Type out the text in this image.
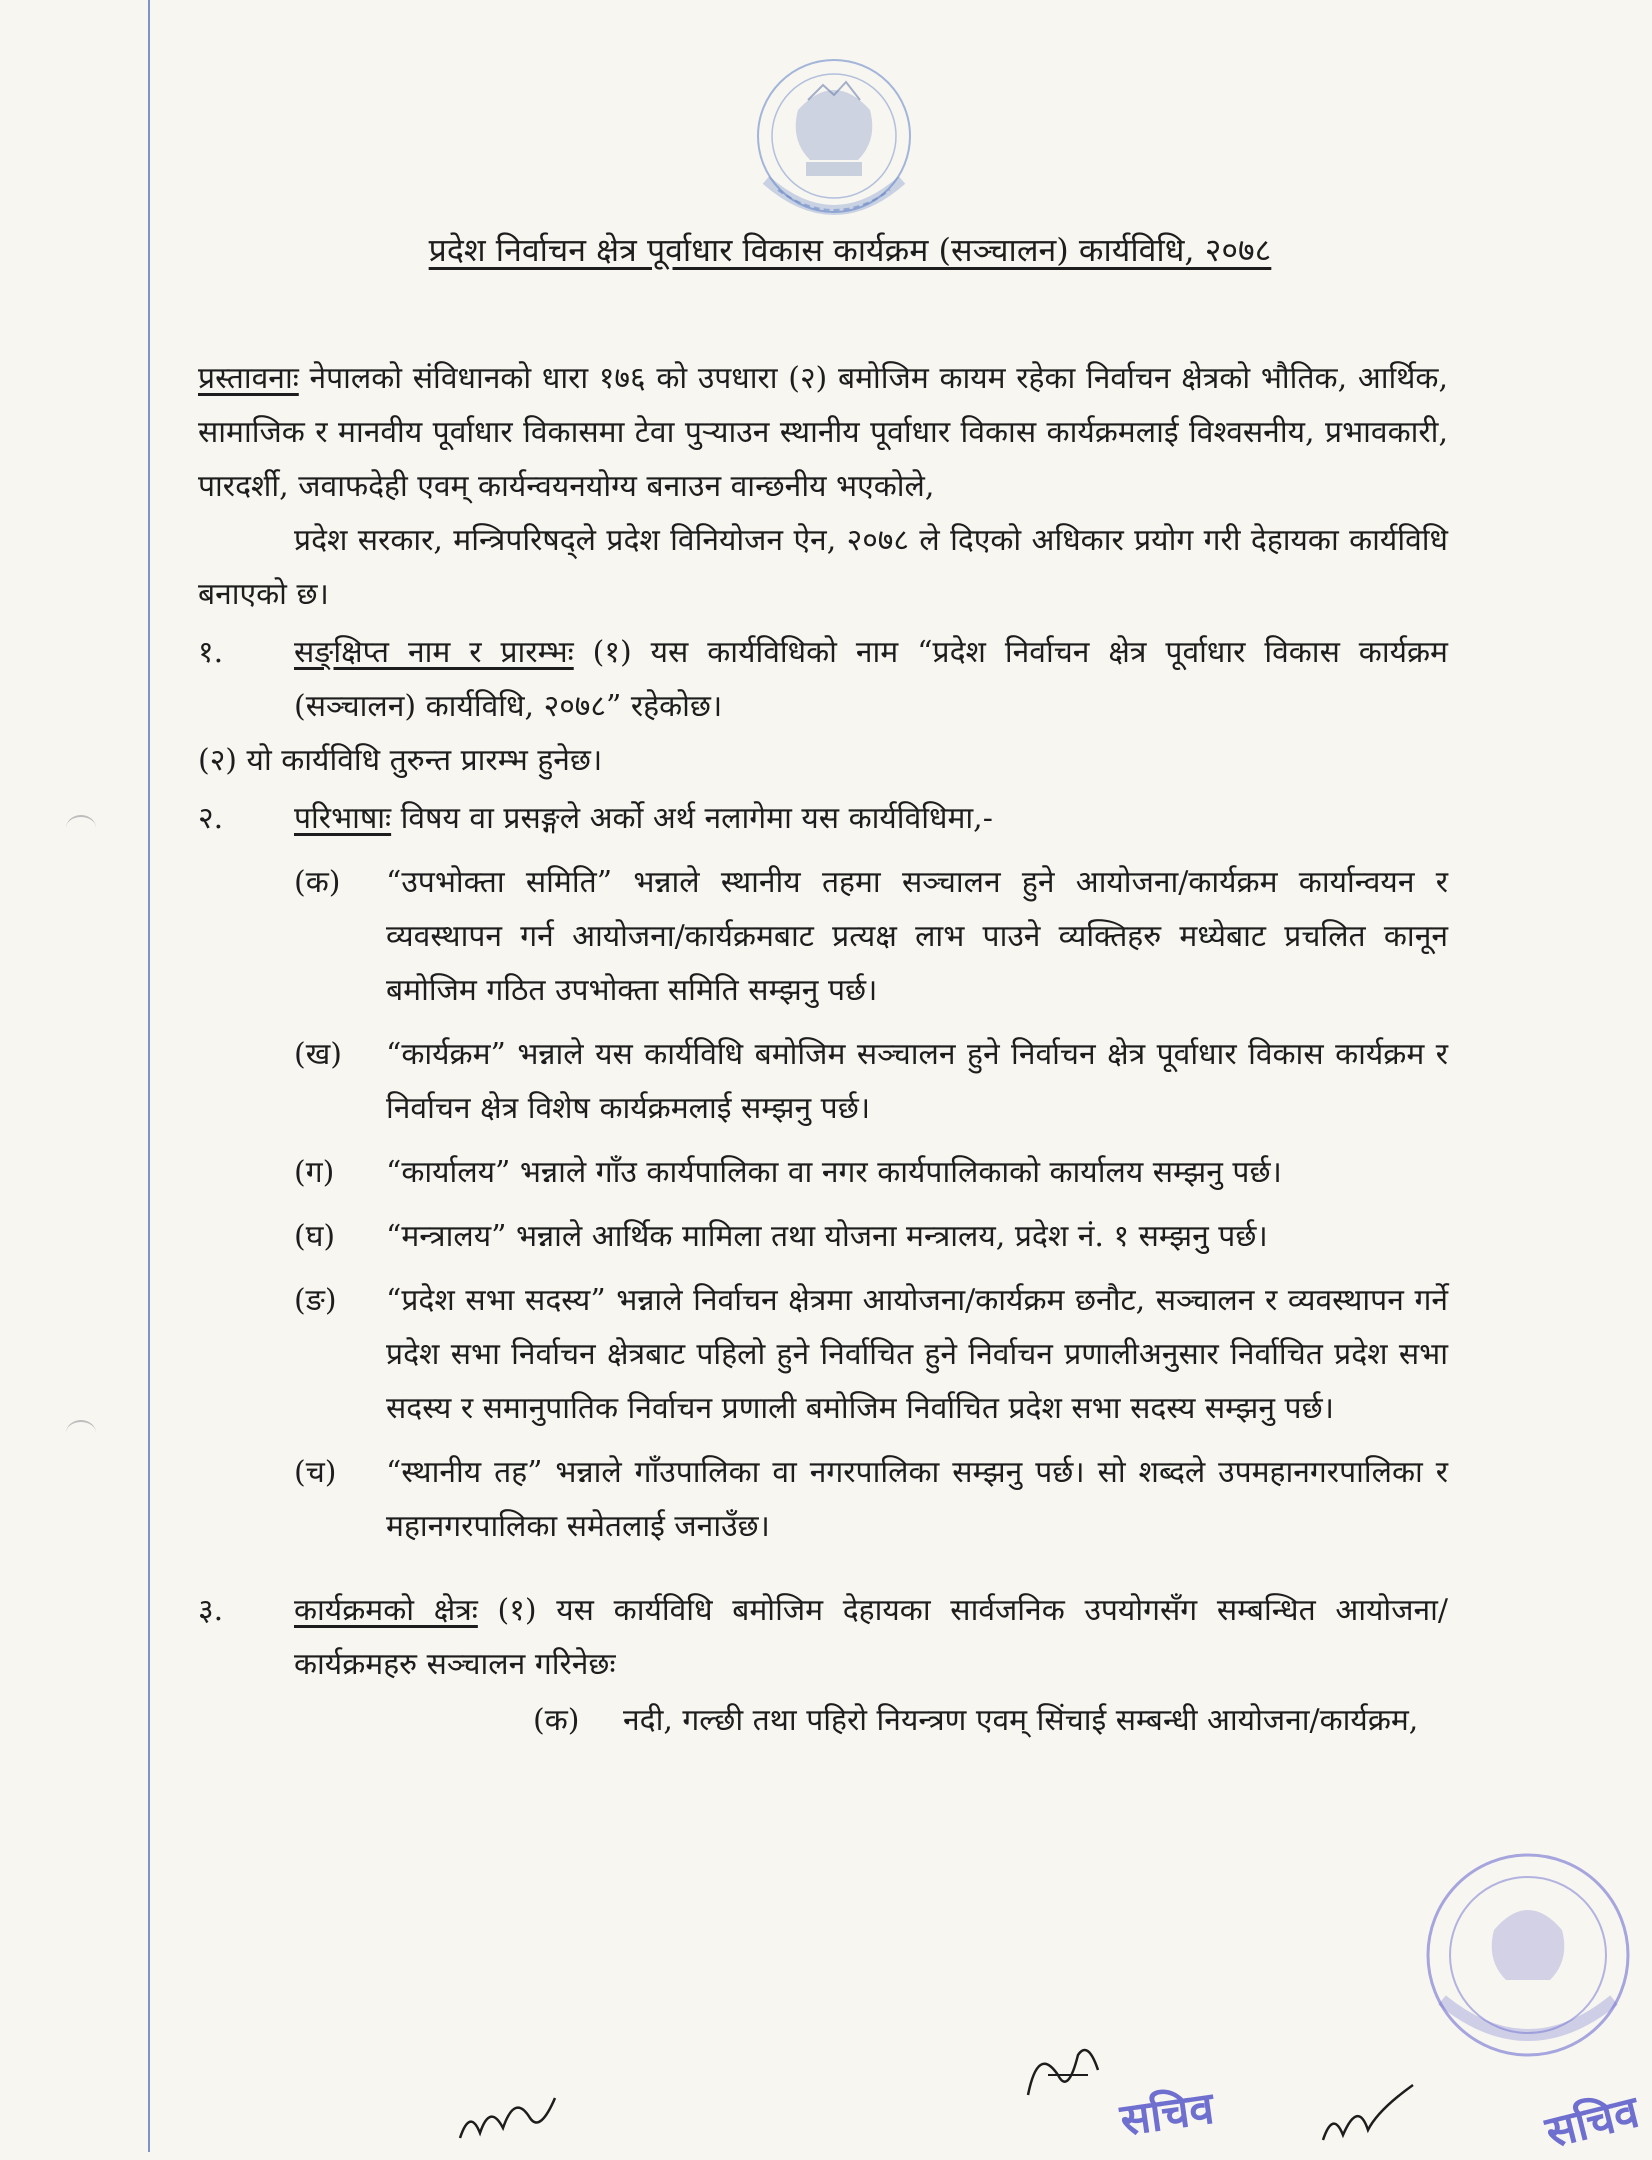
प्रदेश निर्वाचन क्षेत्र पूर्वाधार विकास कार्यक्रम (सञ्चालन) कार्यविधि, २०७८

प्रस्तावनाः नेपालको संविधानको धारा १७६ को उपधारा (२) बमोजिम कायम रहेका निर्वाचन क्षेत्रको भौतिक, आर्थिक, सामाजिक र मानवीय पूर्वाधार विकासमा टेवा पुऱ्याउन स्थानीय पूर्वाधार विकास कार्यक्रमलाई विश्वसनीय, प्रभावकारी, पारदर्शी, जवाफदेही एवम् कार्यन्वयनयोग्य बनाउन वान्छनीय भएकोले,

प्रदेश सरकार, मन्त्रिपरिषद्ले प्रदेश विनियोजन ऐन, २०७८ ले दिएको अधिकार प्रयोग गरी देहायका कार्यविधि बनाएको छ।

१.	सङ्क्षिप्त नाम र प्रारम्भः (१) यस कार्यविधिको नाम “प्रदेश निर्वाचन क्षेत्र पूर्वाधार विकास कार्यक्रम (सञ्चालन) कार्यविधि, २०७८” रहेकोछ।

(२) यो कार्यविधि तुरुन्त प्रारम्भ हुनेछ।

२.	परिभाषाः विषय वा प्रसङ्गले अर्को अर्थ नलागेमा यस कार्यविधिमा,-
(क)	“उपभोक्ता समिति” भन्नाले स्थानीय तहमा सञ्चालन हुने आयोजना/कार्यक्रम कार्यान्वयन र व्यवस्थापन गर्न आयोजना/कार्यक्रमबाट प्रत्यक्ष लाभ पाउने व्यक्तिहरु मध्येबाट प्रचलित कानून बमोजिम गठित उपभोक्ता समिति सम्झनु पर्छ।
(ख)	“कार्यक्रम” भन्नाले यस कार्यविधि बमोजिम सञ्चालन हुने निर्वाचन क्षेत्र पूर्वाधार विकास कार्यक्रम र निर्वाचन क्षेत्र विशेष कार्यक्रमलाई सम्झनु पर्छ।
(ग)	“कार्यालय” भन्नाले गाँउ कार्यपालिका वा नगर कार्यपालिकाको कार्यालय सम्झनु पर्छ।
(घ)	“मन्त्रालय” भन्नाले आर्थिक मामिला तथा योजना मन्त्रालय, प्रदेश नं. १ सम्झनु पर्छ।
(ङ)	“प्रदेश सभा सदस्य” भन्नाले निर्वाचन क्षेत्रमा आयोजना/कार्यक्रम छनौट, सञ्चालन र व्यवस्थापन गर्ने प्रदेश सभा निर्वाचन क्षेत्रबाट पहिलो हुने निर्वाचित हुने निर्वाचन प्रणालीअनुसार निर्वाचित प्रदेश सभा सदस्य र समानुपातिक निर्वाचन प्रणाली बमोजिम निर्वाचित प्रदेश सभा सदस्य सम्झनु पर्छ।
(च)	“स्थानीय तह” भन्नाले गाँउपालिका वा नगरपालिका सम्झनु पर्छ। सो शब्दले उपमहानगरपालिका र महानगरपालिका समेतलाई जनाउँछ।
३.	कार्यक्रमको क्षेत्रः (१) यस कार्यविधि बमोजिम देहायका सार्वजनिक उपयोगसँग सम्बन्धित आयोजना/कार्यक्रमहरु सञ्चालन गरिनेछः
(क)	नदी, गल्छी तथा पहिरो नियन्त्रण एवम् सिंचाई सम्बन्धी आयोजना/कार्यक्रम,
सचिव	सचिव
